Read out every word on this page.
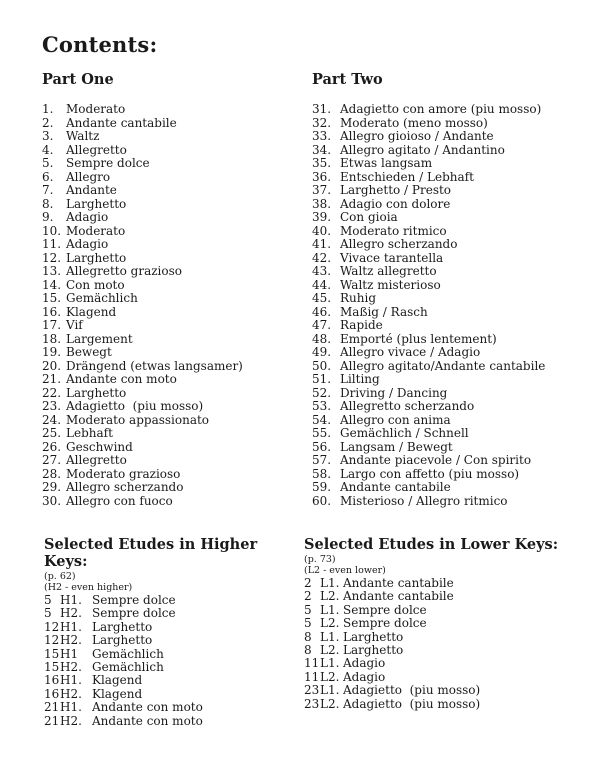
Contents:
Part One
1. Moderato
2. Andante cantabile
3. Waltz
4. Allegretto
5. Sempre dolce
6. Allegro
7. Andante
8. Larghetto
9. Adagio
10. Moderato
11. Adagio
12. Larghetto
13. Allegretto grazioso
14. Con moto
15. Gemächlich
16. Klagend
17. Vif
18. Largement
19. Bewegt
20. Drängend (etwas langsamer)
21. Andante con moto
22. Larghetto
23. Adagietto  (piu mosso)
24. Moderato appassionato
25. Lebhaft
26. Geschwind
27. Allegretto
28. Moderato grazioso
29. Allegro scherzando
30. Allegro con fuoco
Part Two
31. Adagietto con amore (piu mosso)
32. Moderato (meno mosso)
33. Allegro gioioso / Andante
34. Allegro agitato / Andantino
35. Etwas langsam
36. Entschieden / Lebhaft
37. Larghetto / Presto
38. Adagio con dolore
39. Con gioia
40. Moderato ritmico
41. Allegro scherzando
42. Vivace tarantella
43. Waltz allegretto
44. Waltz misterioso
45. Ruhig
46. Maßig / Rasch
47. Rapide
48. Emporté (plus lentement)
49. Allegro vivace / Adagio
50. Allegro agitato/Andante cantabile
51. Lilting
52. Driving / Dancing
53. Allegretto scherzando
54. Allegro con anima
55. Gemächlich / Schnell
56. Langsam / Bewegt
57. Andante piacevole / Con spirito
58. Largo con affetto (piu mosso)
59. Andante cantabile
60. Misterioso / Allegro ritmico
Selected Etudes in Higher Keys:
(p. 62)
(H2 - even higher)
5 H1. Sempre dolce
5 H2. Sempre dolce
12H1. Larghetto
12H2. Larghetto
15H1 Gemächlich
15H2. Gemächlich
16H1. Klagend
16H2. Klagend
21H1. Andante con moto
21H2. Andante con moto
Selected Etudes in Lower Keys:
(p. 73)
(L2 - even lower)
2 L1. Andante cantabile
2 L2. Andante cantabile
5 L1. Sempre dolce
5 L2. Sempre dolce
8 L1. Larghetto
8 L2. Larghetto
11L1. Adagio
11L2. Adagio
23L1. Adagietto  (piu mosso)
23L2. Adagietto  (piu mosso)
